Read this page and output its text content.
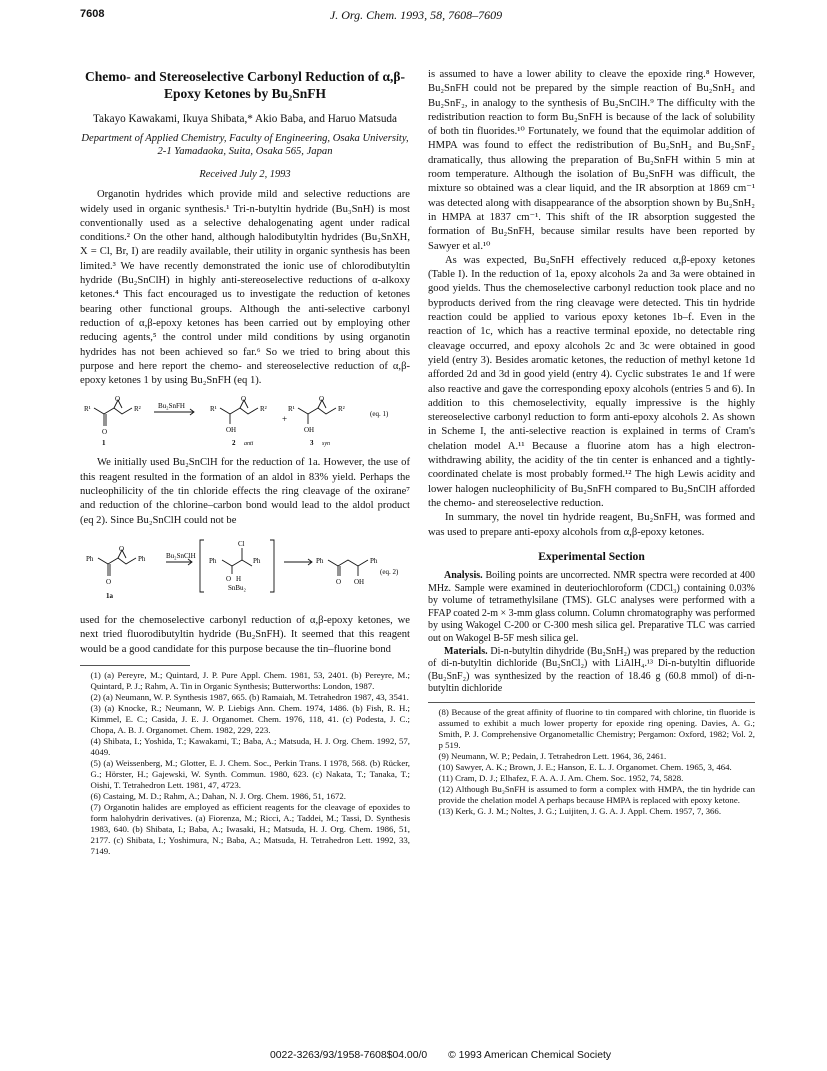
7608	J. Org. Chem. 1993, 58, 7608–7609
Chemo- and Stereoselective Carbonyl Reduction of α,β-Epoxy Ketones by Bu₂SnFH
Takayo Kawakami, Ikuya Shibata,* Akio Baba, and Haruo Matsuda
Department of Applied Chemistry, Faculty of Engineering, Osaka University, 2-1 Yamadaoka, Suita, Osaka 565, Japan
Received July 2, 1993

Organotin hydrides which provide mild and selective reductions are widely used in organic synthesis.¹ Tri-n-butyltin hydride (Bu₃SnH) is most conventionally used as a selective dehalogenating agent under radical conditions.² On the other hand, although halodibutyltin hydrides (Bu₂SnXH, X = Cl, Br, I) are readily available, their utility in organic synthesis has been limited.³ We have recently demonstrated the ionic use of chlorodibutyltin hydride (Bu₂SnClH) in highly anti-stereoselective reductions of α-alkoxy ketones.⁴ This fact encouraged us to investigate the reduction of ketones bearing other functional groups. Although the anti-selective carbonyl reduction of α,β-epoxy ketones has been carried out by employing other reducing agents,⁵ the control under mild conditions by using organotin hydrides has not been achieved so far.⁶ So we tried to bring about this purpose and here report the chemo- and stereoselective reduction of α,β-epoxy ketones 1 by using Bu₂SnFH (eq 1).

R¹	R²
O
O
Bu₂SnFH	R¹	R²
O
OH
+
R¹	R²
O
OH
(eq. 1)
1	2 anti	3 syn

We initially used Bu₂SnClH for the reduction of 1a. However, the use of this reagent resulted in the formation of an aldol in 83% yield. Perhaps the nucleophilicity of the tin chloride effects the ring cleavage of the oxirane⁷ and reduction of the chlorine–carbon bond would lead to the aldol product (eq 2). Since Bu₂SnClH could not be

Ph	Ph
O
O
1a
Bu₂SnClH
Ph	Ph
Cl
O H
SnBu₂
Ph	Ph
O OH
(eq. 2)

used for the chemoselective carbonyl reduction of α,β-epoxy ketones, we next tried fluorodibutyltin hydride (Bu₂SnFH). It seemed that this reagent would be a good candidate for this purpose because the tin–fluorine bond

(1) (a) Pereyre, M.; Quintard, J. P. Pure Appl. Chem. 1981, 53, 2401. (b) Pereyre, M.; Quintard, P. J.; Rahm, A. Tin in Organic Synthesis; Butterworths: London, 1987.

(2) (a) Neumann, W. P. Synthesis 1987, 665. (b) Ramaiah, M. Tetrahedron 1987, 43, 3541.

(3) (a) Knocke, R.; Neumann, W. P. Liebigs Ann. Chem. 1974, 1486. (b) Fish, R. H.; Kimmel, E. C.; Casida, J. E. J. Organomet. Chem. 1976, 118, 41. (c) Podesta, J. C.; Chopa, A. B. J. Organomet. Chem. 1982, 229, 223.

(4) Shibata, I.; Yoshida, T.; Kawakami, T.; Baba, A.; Matsuda, H. J. Org. Chem. 1992, 57, 4049.

(5) (a) Weissenberg, M.; Glotter, E. J. Chem. Soc., Perkin Trans. I 1978, 568. (b) Rücker, G.; Hörster, H.; Gajewski, W. Synth. Commun. 1980, 623. (c) Nakata, T.; Tanaka, T.; Oishi, T. Tetrahedron Lett. 1981, 47, 4723.

(6) Castaing, M. D.; Rahm, A.; Dahan, N. J. Org. Chem. 1986, 51, 1672.

(7) Organotin halides are employed as efficient reagents for the cleavage of epoxides to form halohydrin derivatives. (a) Fiorenza, M.; Ricci, A.; Taddei, M.; Tassi, D. Synthesis 1983, 640. (b) Shibata, I.; Baba, A.; Iwasaki, H.; Matsuda, H. J. Org. Chem. 1986, 51, 2177. (c) Shibata, I.; Yoshimura, N.; Baba, A.; Matsuda, H. Tetrahedron Lett. 1992, 33, 7149.

is assumed to have a lower ability to cleave the epoxide ring.⁸ However, Bu₂SnFH could not be prepared by the simple reaction of Bu₂SnH₂ and Bu₂SnF₂, in analogy to the synthesis of Bu₂SnClH.⁹ The difficulty with the redistribution reaction to form Bu₂SnFH is because of the lack of solubility of both tin fluorides.¹⁰ Fortunately, we found that the equimolar addition of HMPA was found to effect the redistribution of Bu₂SnH₂ and Bu₂SnF₂ dramatically, thus allowing the preparation of Bu₂SnFH within 5 min at room temperature. Although the isolation of Bu₂SnFH was difficult, the mixture so obtained was a clear liquid, and the IR absorption at 1869 cm⁻¹ was detected along with disappearance of the absorption shown by Bu₂SnH₂ in HMPA at 1837 cm⁻¹. This shift of the IR absorption suggested the formation of Bu₂SnFH, because similar results have been reported by Sawyer et al.¹⁰

As was expected, Bu₂SnFH effectively reduced α,β-epoxy ketones (Table I). In the reduction of 1a, epoxy alcohols 2a and 3a were obtained in good yields. Thus the chemoselective carbonyl reduction took place and no byproducts derived from the ring cleavage were detected. This tin hydride reaction could be applied to various epoxy ketones 1b–f. Even in the reaction of 1c, which has a reactive terminal epoxide, no detectable ring cleavage occurred, and epoxy alcohols 2c and 3c were obtained in good yield (entry 3). Besides aromatic ketones, the reduction of methyl ketone 1d afforded 2d and 3d in good yield (entry 4). Cyclic substrates 1e and 1f were also reactive and gave the corresponding epoxy alcohols (entries 5 and 6). In addition to this chemoselectivity, equally impressive is the highly stereoselective carbonyl reduction to form anti-epoxy alcohols 2. As shown in Scheme I, the anti-selective reaction is explained in terms of Cram's chelation model A.¹¹ Because a fluorine atom has a high electron-withdrawing ability, the acidity of the tin center is enhanced and a tightly-coordinated chelate is most probably formed.¹² The high Lewis acidity and lower halogen nucleophilicity of Bu₂SnFH compared to Bu₂SnClH afforded the chemo- and stereoselective reduction.

In summary, the novel tin hydride reagent, Bu₂SnFH, was formed and was used to prepare anti-epoxy alcohols from α,β-epoxy ketones.

Experimental Section

Analysis. Boiling points are uncorrected. NMR spectra were recorded at 400 MHz. Sample were examined in deuteriochloroform (CDCl₃) containing 0.03% by volume of tetramethylsilane (TMS). GLC analyses were performed with a FFAP coated 2-m × 3-mm glass column. Column chromatography was performed by using Wakogel C-200 or C-300 mesh silica gel. Preparative TLC was carried out on Wakogel B-5F mesh silica gel.

Materials. Di-n-butyltin dihydride (Bu₂SnH₂) was prepared by the reduction of di-n-butyltin dichloride (Bu₂SnCl₂) with LiAlH₄.¹³ Di-n-butyltin difluoride (Bu₂SnF₂) was synthesized by the reaction of 18.46 g (60.8 mmol) of di-n-butyltin dichloride

(8) Because of the great affinity of fluorine to tin compared with chlorine, tin fluoride is assumed to exhibit a much lower property for epoxide ring opening. Davies, A. G.; Smith, P. J. Comprehensive Organometallic Chemistry; Pergamon: Oxford, 1982; Vol. 2, p 519.

(9) Neumann, W. P.; Pedain, J. Tetrahedron Lett. 1964, 36, 2461.

(10) Sawyer, A. K.; Brown, J. E.; Hanson, E. L. J. Organomet. Chem. 1965, 3, 464.

(11) Cram, D. J.; Elhafez, F. A. A. J. Am. Chem. Soc. 1952, 74, 5828.

(12) Although Bu₂SnFH is assumed to form a complex with HMPA, the tin hydride can provide the chelation model A perhaps because HMPA is replaced with epoxy ketone.

(13) Kerk, G. J. M.; Noltes, J. G.; Luijiten, J. G. A. J. Appl. Chem. 1957, 7, 366.

0022-3263/93/1958-7608$04.00/0 © 1993 American Chemical Society
